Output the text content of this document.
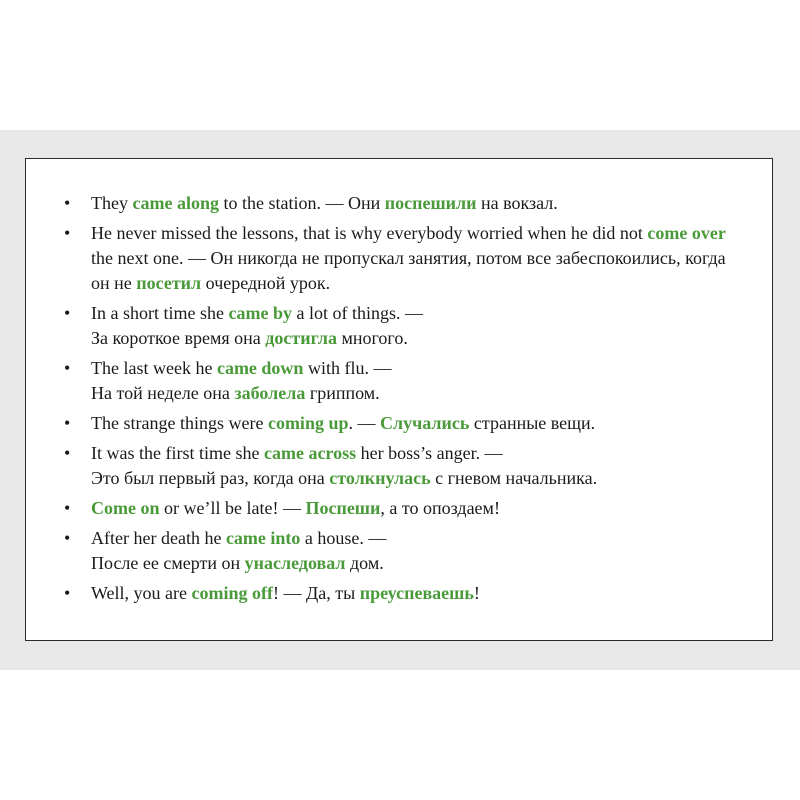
• They came along to the station. — Они поспешили на вокзал.
• He never missed the lessons, that is why everybody worried when he did not come over the next one. — Он никогда не пропускал занятия, потом все забеспокоились, когда он не посетил очередной урок.
• In a short time she came by a lot of things. —
За короткое время она достигла многого.
• The last week he came down with flu. —
На той неделе она заболела гриппом.
• The strange things were coming up. — Случались странные вещи.
• It was the first time she came across her boss’s anger. —
Это был первый раз, когда она столкнулась с гневом начальника.
• Come on or we’ll be late! — Поспеши, а то опоздаем!
• After her death he came into a house. —
После ее смерти он унаследовал дом.
• Well, you are coming off! — Да, ты преуспеваешь!
